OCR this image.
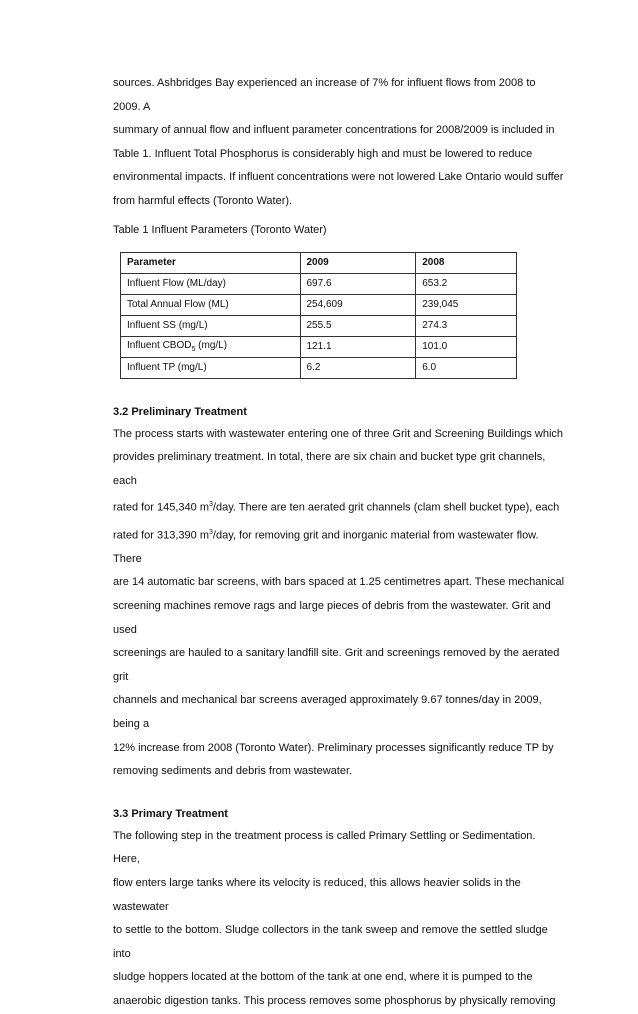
sources. Ashbridges Bay experienced an increase of 7% for influent flows from 2008 to 2009. A

summary of annual flow and influent parameter concentrations for 2008/2009 is included in

Table 1. Influent Total Phosphorus is considerably high and must be lowered to reduce

environmental impacts. If influent concentrations were not lowered Lake Ontario would suffer

from harmful effects (Toronto Water).

Table 1 Influent Parameters (Toronto Water)

Parameter	2009	2008
Influent Flow (ML/day)	697.6	653.2
Total Annual Flow (ML)	254,609	239,045
Influent SS (mg/L)	255.5	274.3
Influent $CBOD_5$ (mg/L)	121.1	101.0
Influent TP (mg/L)	6.2	6.0

3.2 Preliminary Treatment

The process starts with wastewater entering one of three Grit and Screening Buildings which

provides preliminary treatment. In total, there are six chain and bucket type grit channels, each

rated for 145,340 $m^3$/day. There are ten aerated grit channels (clam shell bucket type), each

rated for 313,390 $m^3$/day, for removing grit and inorganic material from wastewater flow. There

are 14 automatic bar screens, with bars spaced at 1.25 centimetres apart. These mechanical

screening machines remove rags and large pieces of debris from the wastewater. Grit and used

screenings are hauled to a sanitary landfill site. Grit and screenings removed by the aerated grit

channels and mechanical bar screens averaged approximately 9.67 tonnes/day in 2009, being a

12% increase from 2008 (Toronto Water). Preliminary processes significantly reduce TP by

removing sediments and debris from wastewater.

3.3 Primary Treatment

The following step in the treatment process is called Primary Settling or Sedimentation. Here,

flow enters large tanks where its velocity is reduced, this allows heavier solids in the wastewater

to settle to the bottom. Sludge collectors in the tank sweep and remove the settled sludge into

sludge hoppers located at the bottom of the tank at one end, where it is pumped to the

anaerobic digestion tanks. This process removes some phosphorus by physically removing
